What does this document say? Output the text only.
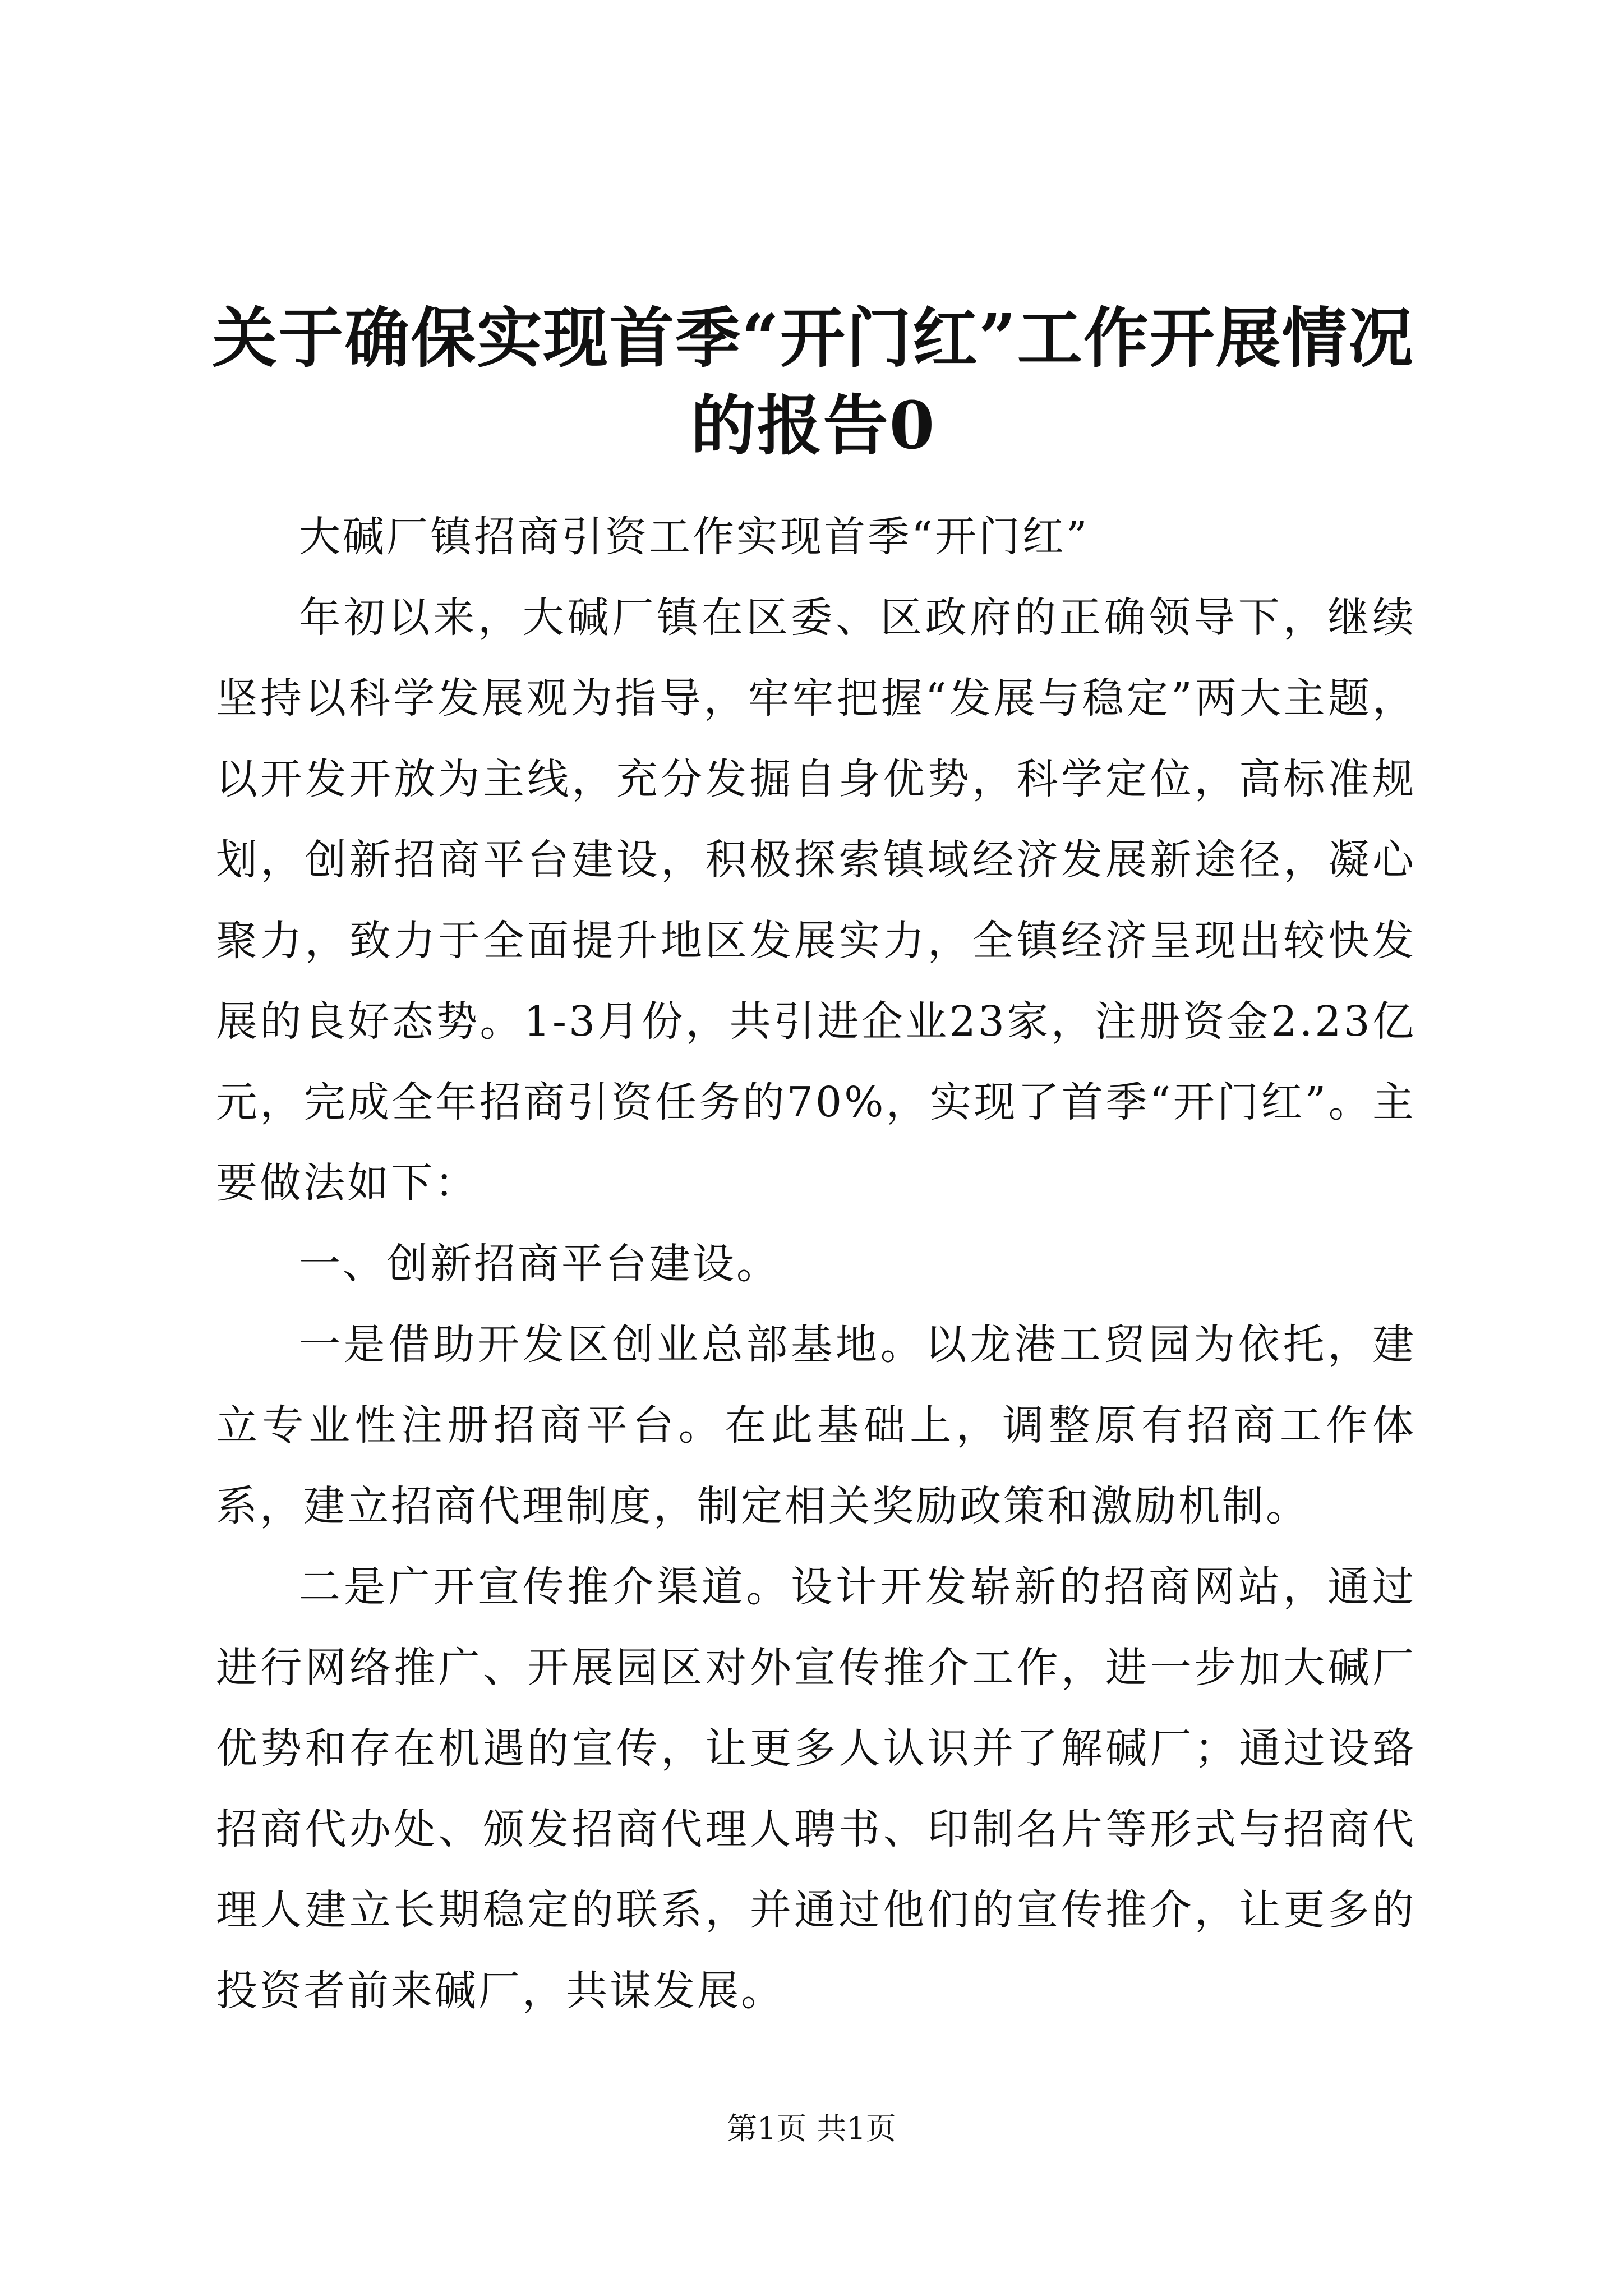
关于确保实现首季“开门红”工作开展情况的报告0

大碱厂镇招商引资工作实现首季“开门红”

年初以来，大碱厂镇在区委、区政府的正确领导下，继续坚持以科学发展观为指导，牢牢把握“发展与稳定”两大主题，以开发开放为主线，充分发掘自身优势，科学定位，高标准规划，创新招商平台建设，积极探索镇域经济发展新途径，凝心聚力，致力于全面提升地区发展实力，全镇经济呈现出较快发展的良好态势。1-3月份，共引进企业23家，注册资金2.23亿元，完成全年招商引资任务的70%，实现了首季“开门红”。主要做法如下：

一、创新招商平台建设。

一是借助开发区创业总部基地。以龙港工贸园为依托，建立专业性注册招商平台。在此基础上，调整原有招商工作体系，建立招商代理制度，制定相关奖励政策和激励机制。

二是广开宣传推介渠道。设计开发崭新的招商网站，通过进行网络推广、开展园区对外宣传推介工作，进一步加大碱厂优势和存在机遇的宣传，让更多人认识并了解碱厂；通过设臵招商代办处、颁发招商代理人聘书、印制名片等形式与招商代理人建立长期稳定的联系，并通过他们的宣传推介，让更多的投资者前来碱厂，共谋发展。

第1页 共1页
